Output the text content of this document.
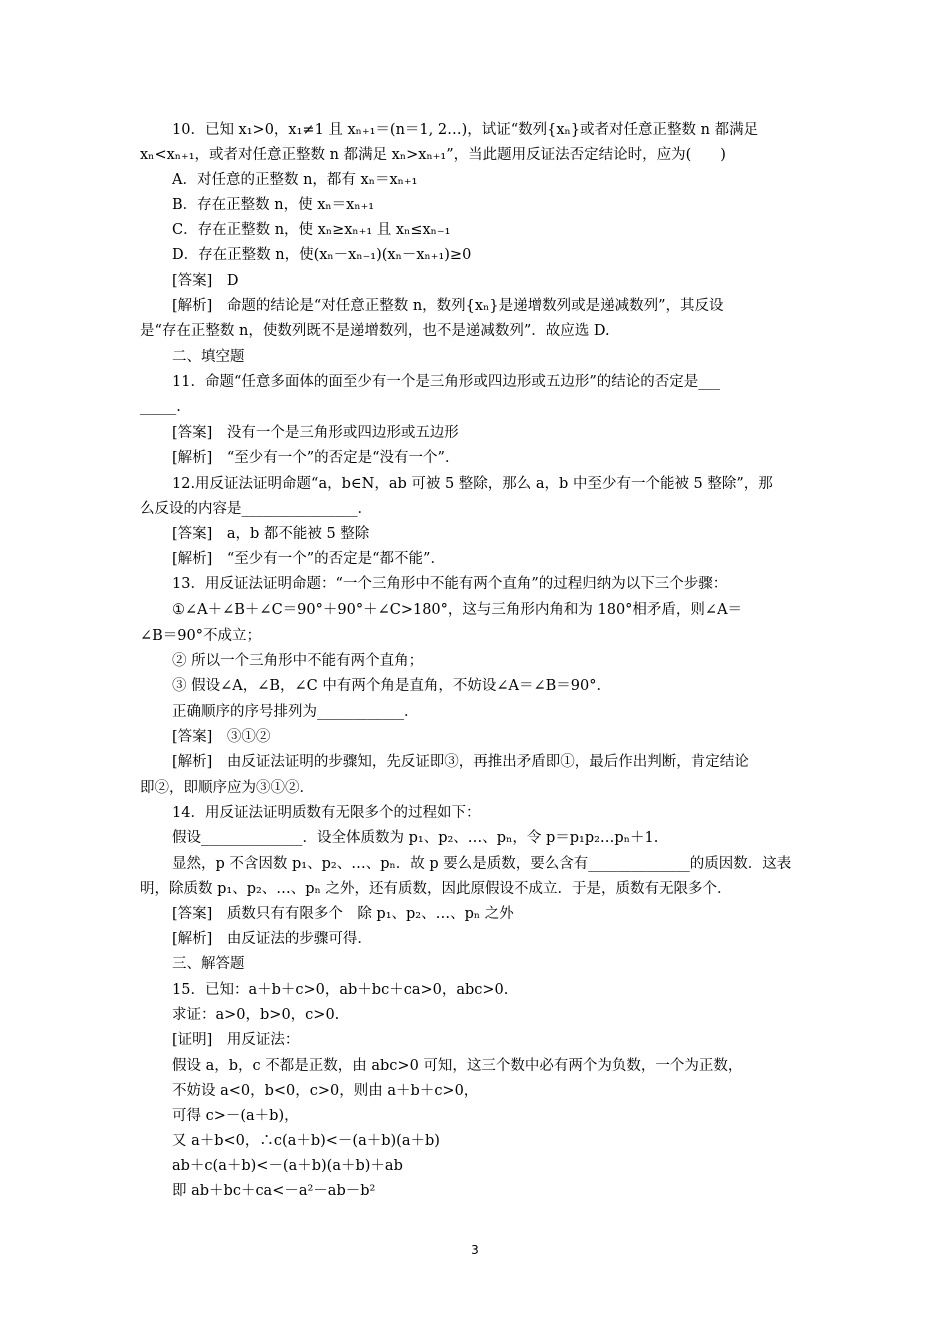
10．已知 x₁>0，x₁≠1 且 xₙ₊₁＝(n＝1, 2…)，试证“数列{xₙ}或者对任意正整数 n 都满足
xₙ<xₙ₊₁，或者对任意正整数 n 都满足 xₙ>xₙ₊₁”，当此题用反证法否定结论时，应为(　　)
A．对任意的正整数 n，都有 xₙ＝xₙ₊₁
B．存在正整数 n，使 xₙ＝xₙ₊₁
C．存在正整数 n，使 xₙ≥xₙ₊₁ 且 xₙ≤xₙ₋₁
D．存在正整数 n，使(xₙ－xₙ₋₁)(xₙ－xₙ₊₁)≥0
[答案]　D
[解析]　命题的结论是“对任意正整数 n，数列{xₙ}是递增数列或是递减数列”，其反设
是“存在正整数 n，使数列既不是递增数列，也不是递减数列”．故应选 D.
二、填空题
11．命题“任意多面体的面至少有一个是三角形或四边形或五边形”的结论的否定是___
_____.
[答案]　没有一个是三角形或四边形或五边形
[解析]　“至少有一个”的否定是“没有一个”．
12.用反证法证明命题“a，b∈N，ab 可被 5 整除，那么 a，b 中至少有一个能被 5 整除”，那
么反设的内容是________________．
[答案]　a，b 都不能被 5 整除
[解析]　“至少有一个”的否定是“都不能”．
13．用反证法证明命题：“一个三角形中不能有两个直角”的过程归纳为以下三个步骤：
①∠A＋∠B＋∠C＝90°＋90°＋∠C>180°，这与三角形内角和为 180°相矛盾，则∠A＝
∠B＝90°不成立；
② 所以一个三角形中不能有两个直角；
③ 假设∠A，∠B，∠C 中有两个角是直角，不妨设∠A＝∠B＝90°．
正确顺序的序号排列为____________．
[答案]　③①②
[解析]　由反证法证明的步骤知，先反证即③，再推出矛盾即①，最后作出判断，肯定结论
即②，即顺序应为③①②．
14．用反证法证明质数有无限多个的过程如下：
假设______________．设全体质数为 p₁、p₂、…、pₙ，令 p＝p₁p₂…pₙ＋1.
显然，p 不含因数 p₁、p₂、…、pₙ．故 p 要么是质数，要么含有______________的质因数．这表
明，除质数 p₁、p₂、…、pₙ 之外，还有质数，因此原假设不成立．于是，质数有无限多个．
[答案]　质数只有有限多个　除 p₁、p₂、…、pₙ 之外
[解析]　由反证法的步骤可得．
三、解答题
15．已知：a＋b＋c>0，ab＋bc＋ca>0，abc>0.
求证：a>0，b>0，c>0.
[证明]　用反证法：
假设 a，b，c 不都是正数，由 abc>0 可知，这三个数中必有两个为负数，一个为正数，
不妨设 a<0，b<0，c>0，则由 a＋b＋c>0，
可得 c>－(a＋b)，
又 a＋b<0，∴c(a＋b)<－(a＋b)(a＋b)
ab＋c(a＋b)<－(a＋b)(a＋b)＋ab
即 ab＋bc＋ca<－a²－ab－b²
3
